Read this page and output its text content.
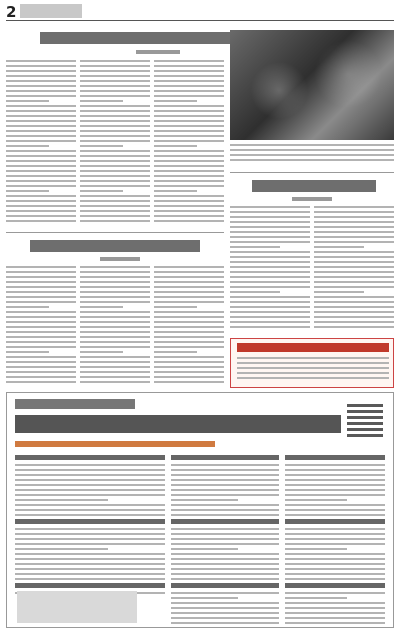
2
